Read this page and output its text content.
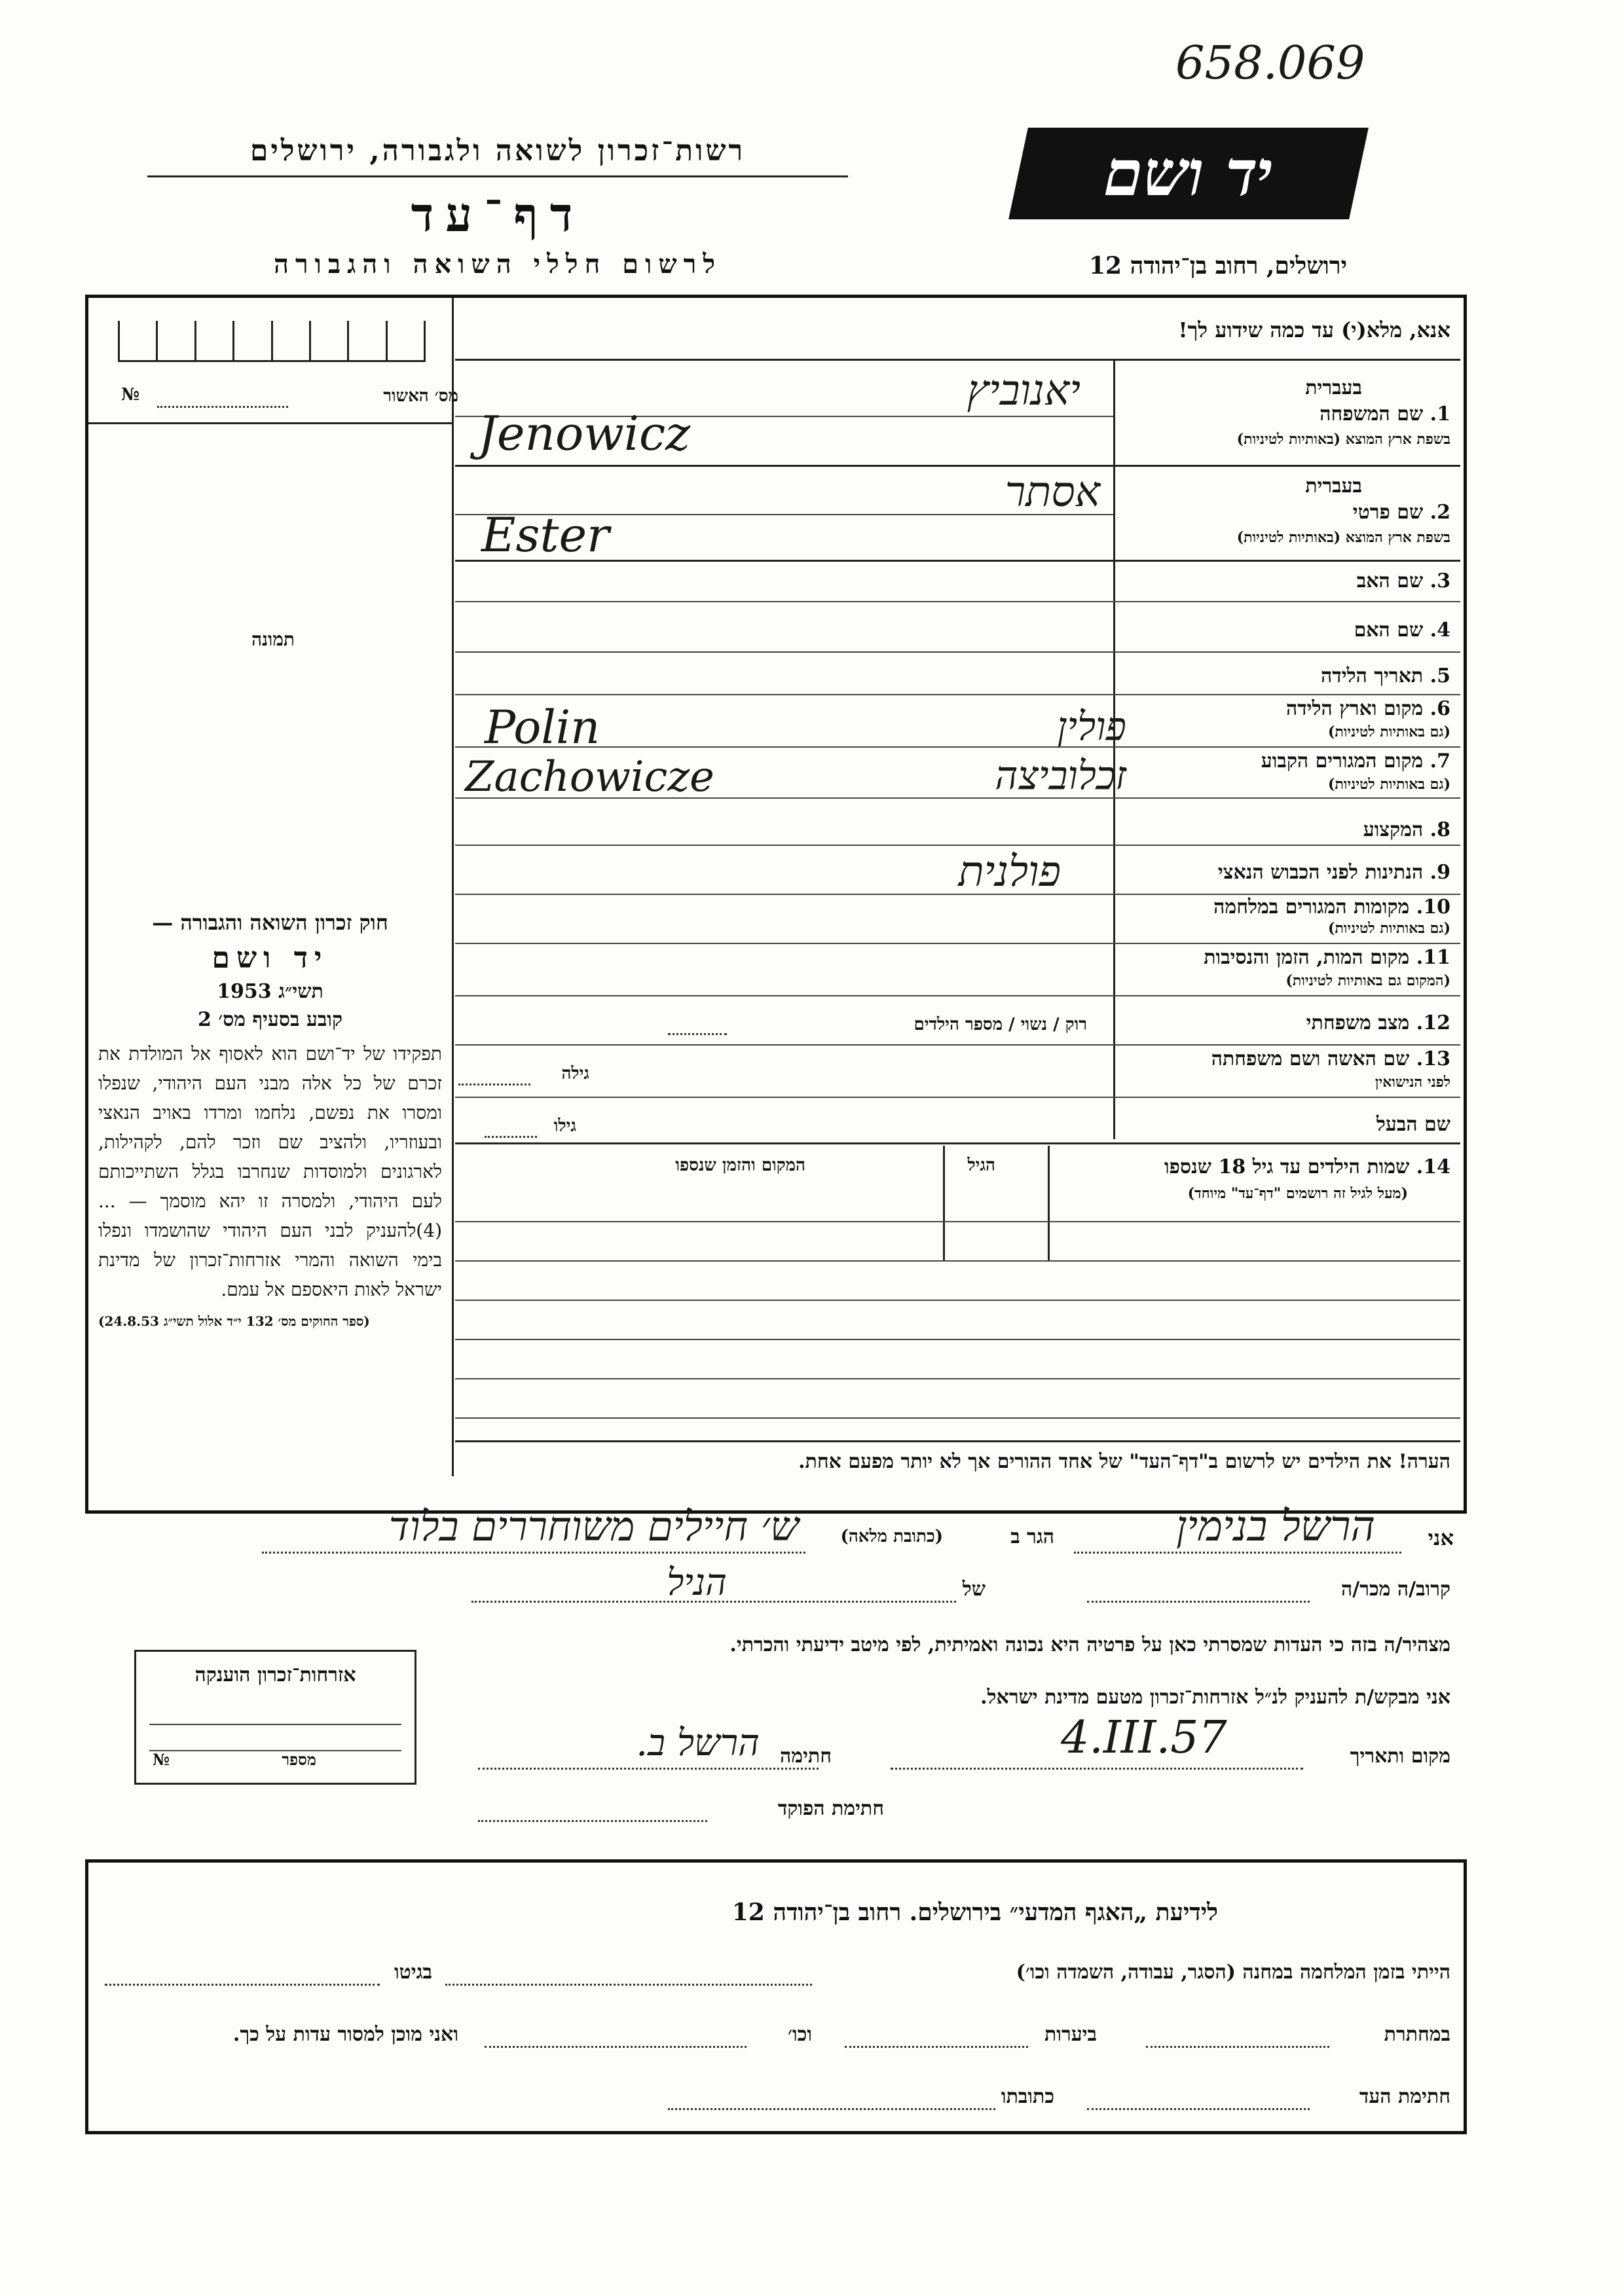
658.069
רשות־זכרון לשואה ולגבורה, ירושלים
דף־עד
לרשום חללי השואה והגבורה
יד ושם
ירושלים, רחוב בן־יהודה 12
אנא, מלא(י) עד כמה שידוע לך!
מס׳ האשור
№
תמונה
בעברית
1. שם המשפחה
בשפת ארץ המוצא (באותיות לטיניות)
יאנוביץ
Jenowicz
בעברית
2. שם פרטי
בשפת ארץ המוצא (באותיות לטיניות)
אסתר
Ester
3. שם האב
4. שם האם
5. תאריך הלידה
6. מקום וארץ הלידה
(גם באותיות לטיניות)
Polin	פולין
7. מקום המגורים הקבוע
(גם באותיות לטיניות)
Zachowicze	זכלוביצה
8. המקצוע
9. הנתינות לפני הכבוש הנאצי
פולנית
10. מקומות המגורים במלחמה
(גם באותיות לטיניות)
11. מקום המות, הזמן והנסיבות
(המקום גם באותיות לטיניות)
12. מצב משפחתי
רוק / נשוי / מספר הילדים
13. שם האשה ושם משפחתה
לפני הנישואין
גילה
שם הבעל
גילו
14. שמות הילדים עד גיל 18 שנספו
(מעל לגיל זה רושמים "דף־עד" מיוחד)
הגיל
המקום והזמן שנספו
הערה! את הילדים יש לרשום ב"דף־העד" של אחד ההורים אך לא יותר מפעם אחת.
חוק זכרון השואה והגבורה —
יד ושם
תשי״ג 1953
קובע בסעיף מס׳ 2
תפקידו של יד־ושם הוא לאסוף אל המולדת את זכרם של כל אלה מבני העם היהודי, שנפלו ומסרו את נפשם, נלחמו ומרדו באויב הנאצי ובעוזריו, ולהציב שם וזכר להם, לקהילות, לארגונים ולמוסדות שנחרבו בגלל השתייכותם לעם היהודי, ולמסרה זו יהא מוסמך — ...(4)להעניק לבני העם היהודי שהושמדו ונפלו בימי השואה והמרי אזרחות־זכרון של מדינת ישראל לאות היאספם אל עמם.
(ספר החוקים מס׳ 132 י״ד אלול תשי״ג 24.8.53)
אני
הרשל בנימין
הגר ב
(כתובת מלאה)
ש׳ חיילים משוחררים בלוד
קרוב/ה מכר/ה
של
הניל
מצהיר/ה בזה כי העדות שמסרתי כאן על פרטיה היא נכונה ואמיתית, לפי מיטב ידיעתי והכרתי.
אני מבקש/ת להעניק לנ״ל אזרחות־זכרון מטעם מדינת ישראל.
מקום ותאריך
4.III.57
חתימה
הרשל ב.
חתימת הפוקד
אזרחות־זכרון הוענקה
מספר
№
לידיעת „האגף המדעי״ בירושלים. רחוב בן־יהודה 12
הייתי בזמן המלחמה במחנה (הסגר, עבודה, השמדה וכו׳)
בגיטו
במחתרת
ביערות
וכו׳
ואני מוכן למסור עדות על כך.
חתימת העד
כתובתו
